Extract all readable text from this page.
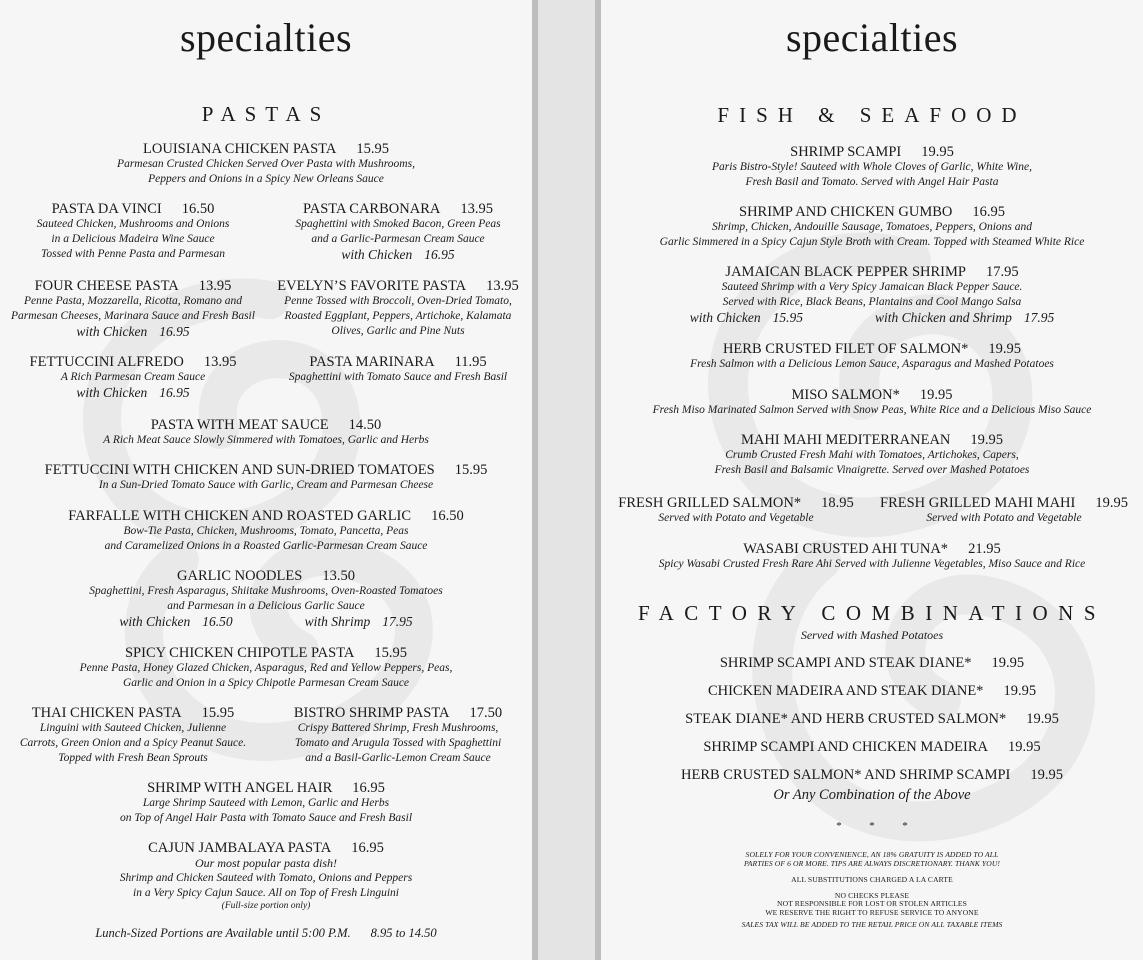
specialties
PASTAS
LOUISIANA CHICKEN PASTA 15.95
Parmesan Crusted Chicken Served Over Pasta with Mushrooms,
Peppers and Onions in a Spicy New Orleans Sauce
PASTA DA VINCI 16.50
Sauteed Chicken, Mushrooms and Onions
in a Delicious Madeira Wine Sauce
Tossed with Penne Pasta and Parmesan
PASTA CARBONARA 13.95
Spaghettini with Smoked Bacon, Green Peas
and a Garlic-Parmesan Cream Sauce
with Chicken 16.95
FOUR CHEESE PASTA 13.95
Penne Pasta, Mozzarella, Ricotta, Romano and
Parmesan Cheeses, Marinara Sauce and Fresh Basil
with Chicken 16.95
EVELYN’S FAVORITE PASTA 13.95
Penne Tossed with Broccoli, Oven-Dried Tomato,
Roasted Eggplant, Peppers, Artichoke, Kalamata
Olives, Garlic and Pine Nuts
FETTUCCINI ALFREDO 13.95
A Rich Parmesan Cream Sauce
with Chicken 16.95
PASTA MARINARA 11.95
Spaghettini with Tomato Sauce and Fresh Basil
PASTA WITH MEAT SAUCE 14.50
A Rich Meat Sauce Slowly Simmered with Tomatoes, Garlic and Herbs
FETTUCCINI WITH CHICKEN AND SUN-DRIED TOMATOES 15.95
In a Sun-Dried Tomato Sauce with Garlic, Cream and Parmesan Cheese
FARFALLE WITH CHICKEN AND ROASTED GARLIC 16.50
Bow-Tie Pasta, Chicken, Mushrooms, Tomato, Pancetta, Peas
and Caramelized Onions in a Roasted Garlic-Parmesan Cream Sauce
GARLIC NOODLES 13.50
Spaghettini, Fresh Asparagus, Shiitake Mushrooms, Oven-Roasted Tomatoes
and Parmesan in a Delicious Garlic Sauce
with Chicken 16.50	with Shrimp 17.95
SPICY CHICKEN CHIPOTLE PASTA 15.95
Penne Pasta, Honey Glazed Chicken, Asparagus, Red and Yellow Peppers, Peas,
Garlic and Onion in a Spicy Chipotle Parmesan Cream Sauce
THAI CHICKEN PASTA 15.95
Linguini with Sauteed Chicken, Julienne
Carrots, Green Onion and a Spicy Peanut Sauce.
Topped with Fresh Bean Sprouts
BISTRO SHRIMP PASTA 17.50
Crispy Battered Shrimp, Fresh Mushrooms,
Tomato and Arugula Tossed with Spaghettini
and a Basil-Garlic-Lemon Cream Sauce
SHRIMP WITH ANGEL HAIR 16.95
Large Shrimp Sauteed with Lemon, Garlic and Herbs
on Top of Angel Hair Pasta with Tomato Sauce and Fresh Basil
CAJUN JAMBALAYA PASTA 16.95
Our most popular pasta dish!
Shrimp and Chicken Sauteed with Tomato, Onions and Peppers
in a Very Spicy Cajun Sauce. All on Top of Fresh Linguini
(Full-size portion only)
Lunch-Sized Portions are Available until 5:00 P.M. 8.95 to 14.50
specialties
FISH & SEAFOOD
SHRIMP SCAMPI 19.95
Paris Bistro-Style! Sauteed with Whole Cloves of Garlic, White Wine,
Fresh Basil and Tomato. Served with Angel Hair Pasta
SHRIMP AND CHICKEN GUMBO 16.95
Shrimp, Chicken, Andouille Sausage, Tomatoes, Peppers, Onions and
Garlic Simmered in a Spicy Cajun Style Broth with Cream. Topped with Steamed White Rice
JAMAICAN BLACK PEPPER SHRIMP 17.95
Sauteed Shrimp with a Very Spicy Jamaican Black Pepper Sauce.
Served with Rice, Black Beans, Plantains and Cool Mango Salsa
with Chicken 15.95	with Chicken and Shrimp 17.95
HERB CRUSTED FILET OF SALMON* 19.95
Fresh Salmon with a Delicious Lemon Sauce, Asparagus and Mashed Potatoes
MISO SALMON* 19.95
Fresh Miso Marinated Salmon Served with Snow Peas, White Rice and a Delicious Miso Sauce
MAHI MAHI MEDITERRANEAN 19.95
Crumb Crusted Fresh Mahi with Tomatoes, Artichokes, Capers,
Fresh Basil and Balsamic Vinaigrette. Served over Mashed Potatoes
FRESH GRILLED SALMON* 18.95
Served with Potato and Vegetable
FRESH GRILLED MAHI MAHI 19.95
Served with Potato and Vegetable
WASABI CRUSTED AHI TUNA* 21.95
Spicy Wasabi Crusted Fresh Rare Ahi Served with Julienne Vegetables, Miso Sauce and Rice
FACTORY COMBINATIONS
Served with Mashed Potatoes
SHRIMP SCAMPI AND STEAK DIANE* 19.95
CHICKEN MADEIRA AND STEAK DIANE* 19.95
STEAK DIANE* AND HERB CRUSTED SALMON* 19.95
SHRIMP SCAMPI AND CHICKEN MADEIRA 19.95
HERB CRUSTED SALMON* AND SHRIMP SCAMPI 19.95
Or Any Combination of the Above
*          *          *
SOLELY FOR YOUR CONVENIENCE, AN 18% GRATUITY IS ADDED TO ALL
PARTIES OF 6 OR MORE. TIPS ARE ALWAYS DISCRETIONARY. THANK YOU!
ALL SUBSTITUTIONS CHARGED A LA CARTE
NO CHECKS PLEASE
NOT RESPONSIBLE FOR LOST OR STOLEN ARTICLES
WE RESERVE THE RIGHT TO REFUSE SERVICE TO ANYONE
SALES TAX WILL BE ADDED TO THE RETAIL PRICE ON ALL TAXABLE ITEMS
